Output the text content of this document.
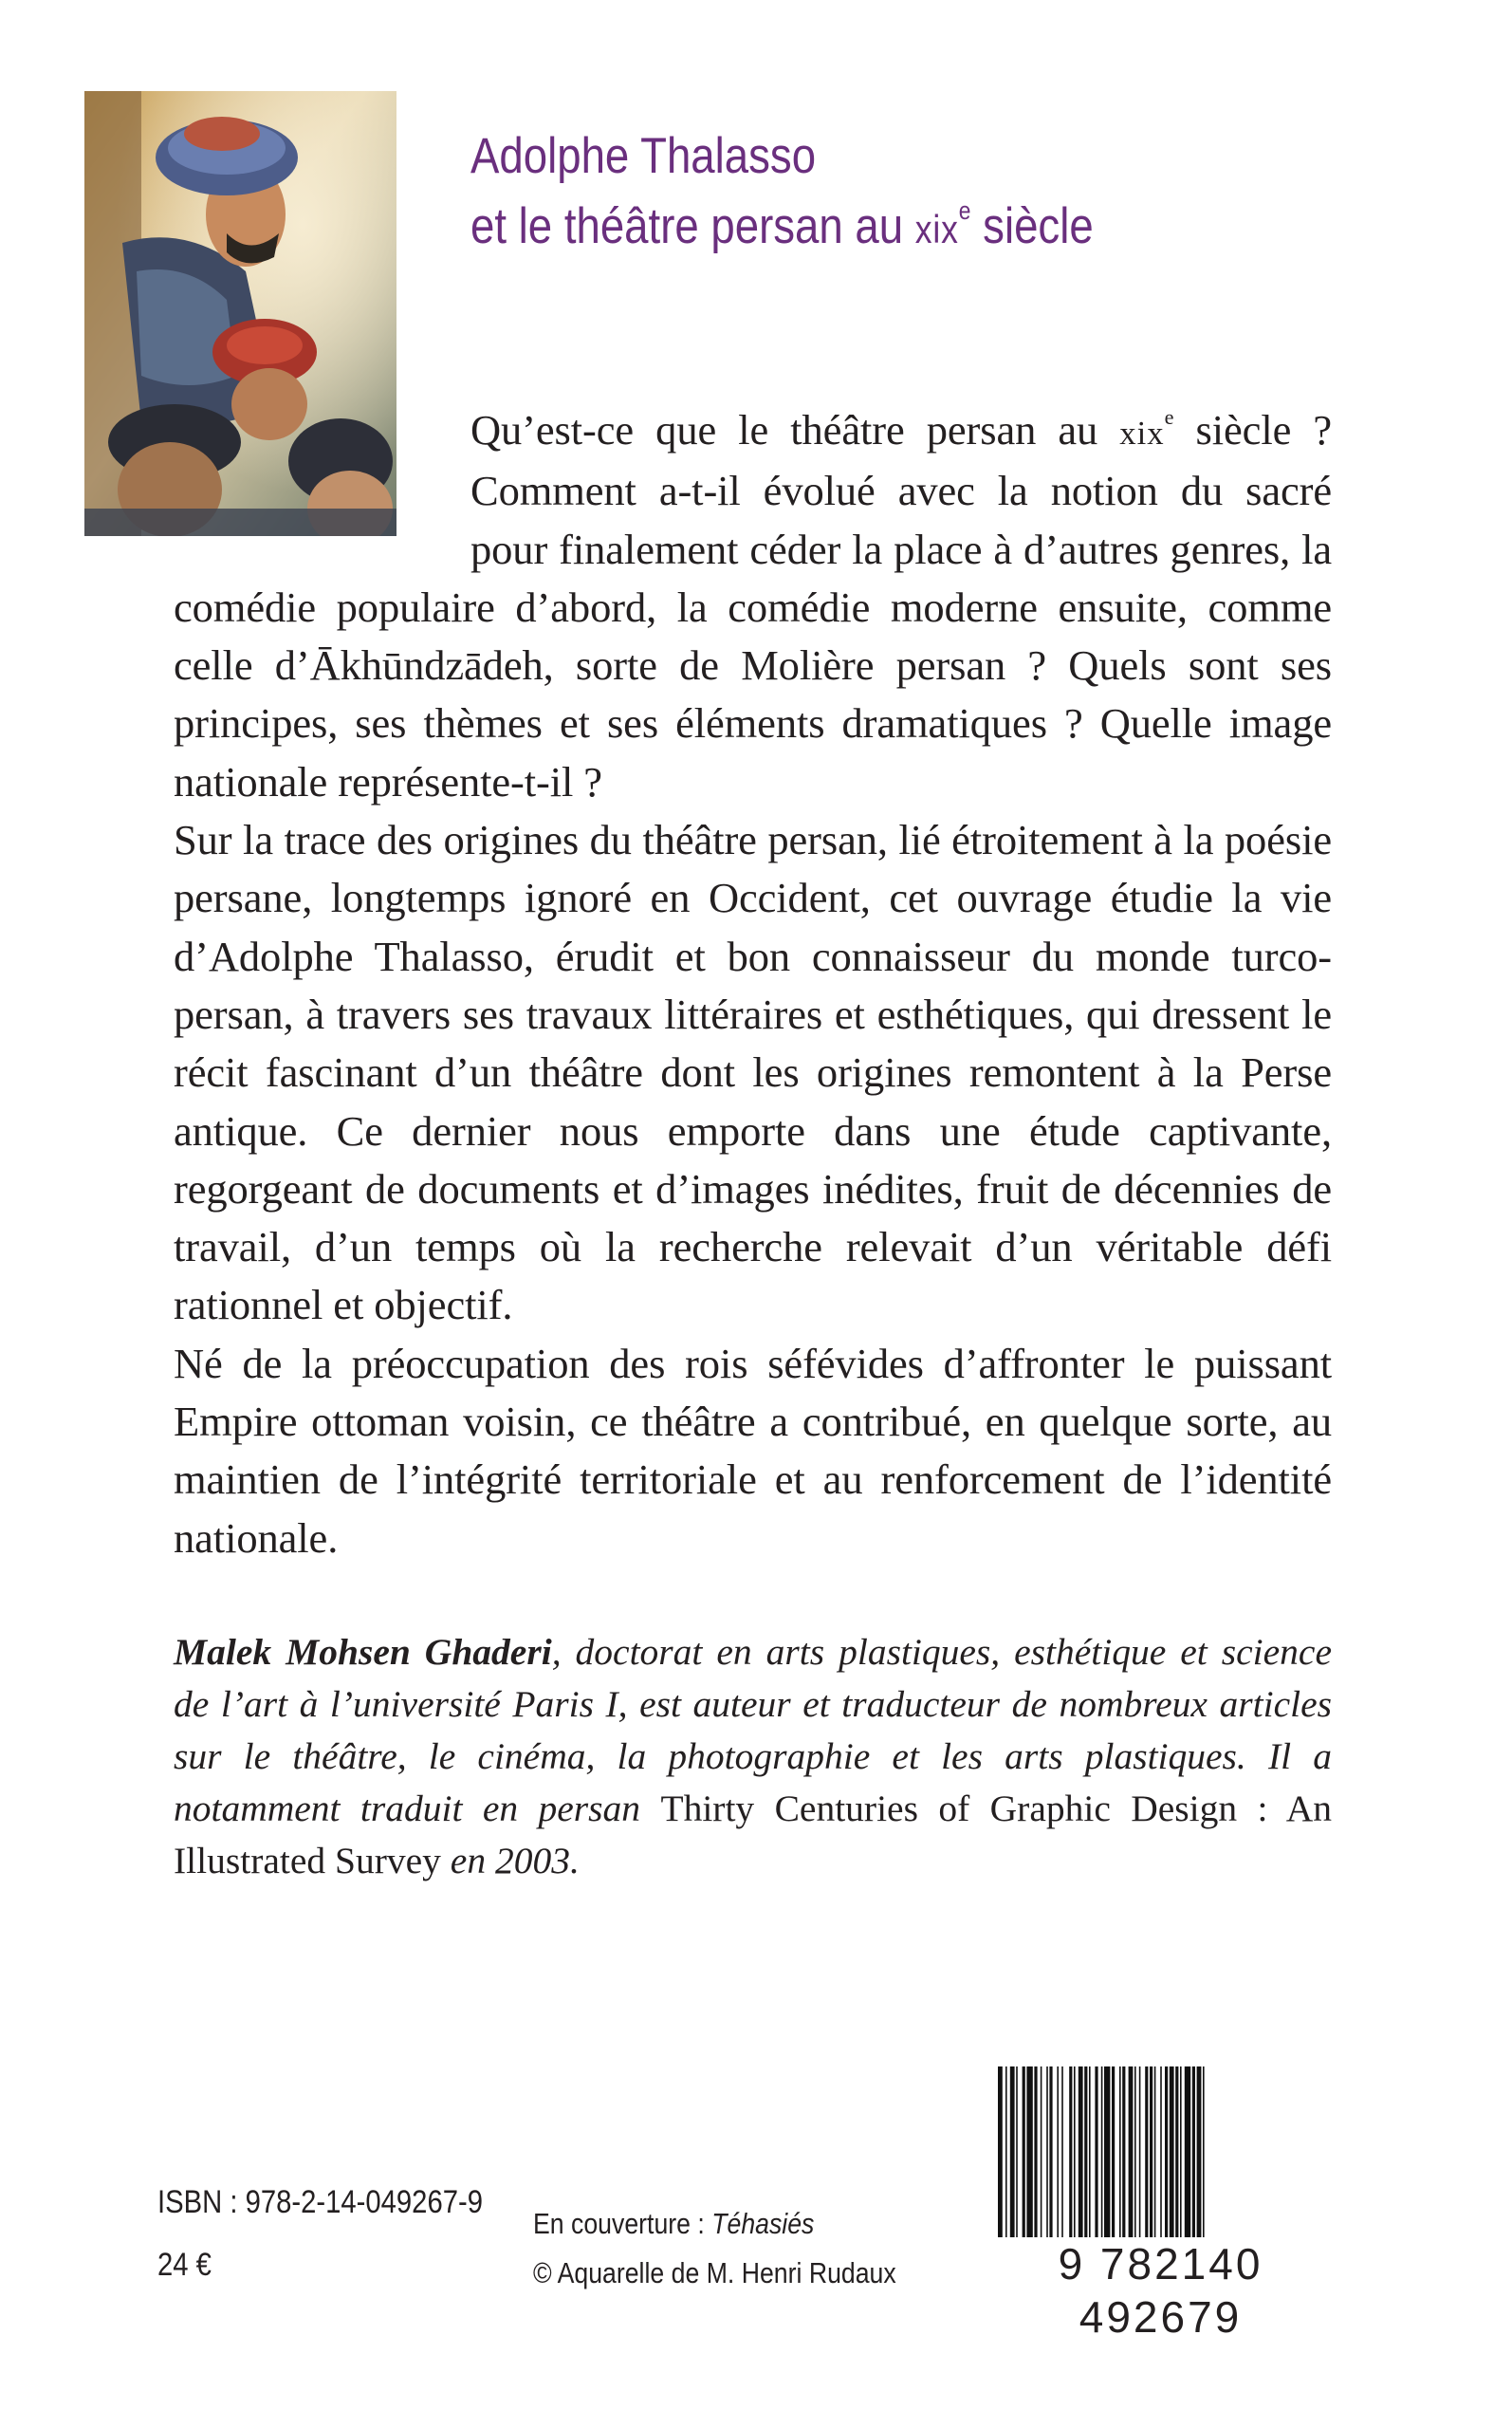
Adolphe Thalasso
et le théâtre persan au xix$^e$ siècle

Qu’est-ce que le théâtre persan au xix$^e$ siècle ? Comment a-t-il évolué avec la notion du sacré pour finalement céder la place à d’autres genres, la comédie populaire d’abord, la comédie moderne ensuite, comme celle d’Ākhūndzādeh, sorte de Molière persan ? Quels sont ses principes, ses thèmes et ses éléments dramatiques ? Quelle image nationale représente-t-il ?

Sur la trace des origines du théâtre persan, lié étroitement à la poésie persane, longtemps ignoré en Occident, cet ouvrage étudie la vie d’Adolphe Thalasso, érudit et bon connaisseur du monde turco-persan, à travers ses travaux littéraires et esthétiques, qui dressent le récit fascinant d’un théâtre dont les origines remontent à la Perse antique. Ce dernier nous emporte dans une étude captivante, regorgeant de documents et d’images inédites, fruit de décennies de travail, d’un temps où la recherche relevait d’un véritable défi rationnel et objectif.

Né de la préoccupation des rois séfévides d’affronter le puissant Empire ottoman voisin, ce théâtre a contribué, en quelque sorte, au maintien de l’intégrité territoriale et au renforcement de l’identité nationale.

Malek Mohsen Ghaderi, doctorat en arts plastiques, esthétique et science de l’art à l’université Paris I, est auteur et traducteur de nombreux articles sur le théâtre, le cinéma, la photographie et les arts plastiques. Il a notamment traduit en persan Thirty Centuries of Graphic Design : An Illustrated Survey en 2003.

ISBN : 978-2-14-049267-9
24 €
En couverture : Téhasiés
© Aquarelle de M. Henri Rudaux	9 782140 492679
